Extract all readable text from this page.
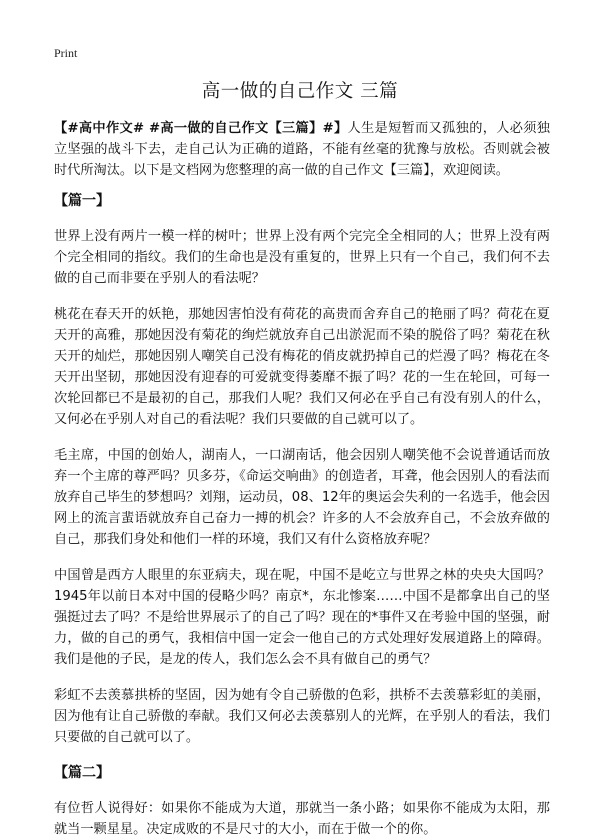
Print
高一做的自己作文 三篇

【#高中作文# #高一做的自己作文【三篇】#】人生是短暂而又孤独的，人必须独立坚强的战斗下去，走自己认为正确的道路，不能有丝毫的犹豫与放松。否则就会被时代所淘汰。以下是文档网为您整理的高一做的自己作文【三篇】，欢迎阅读。

【篇一】

世界上没有两片一模一样的树叶；世界上没有两个完完全全相同的人；世界上没有两个完全相同的指纹。我们的生命也是没有重复的，世界上只有一个自己，我们何不去做的自己而非要在乎别人的看法呢？

桃花在春天开的妖艳，那她因害怕没有荷花的高贵而舍弃自己的艳丽了吗？荷花在夏天开的高雅，那她因没有菊花的绚烂就放弃自己出淤泥而不染的脱俗了吗？菊花在秋天开的灿烂，那她因别人嘲笑自己没有梅花的俏皮就扔掉自己的烂漫了吗？梅花在冬天开出坚韧，那她因没有迎春的可爱就变得萎靡不振了吗？花的一生在轮回，可每一次轮回都已不是最初的自己，那我们人呢？我们又何必在乎自己有没有别人的什么，又何必在乎别人对自己的看法呢？我们只要做的自己就可以了。

毛主席，中国的创始人，湖南人，一口湖南话，他会因别人嘲笑他不会说普通话而放弃一个主席的尊严吗？贝多芬，《命运交响曲》的创造者，耳聋，他会因别人的看法而放弃自己毕生的梦想吗？刘翔，运动员，08、12年的奥运会失利的一名选手，他会因网上的流言蜚语就放弃自己奋力一搏的机会？许多的人不会放弃自己，不会放弃做的自己，那我们身处和他们一样的环境，我们又有什么资格放弃呢？

中国曾是西方人眼里的东亚病夫，现在呢，中国不是屹立与世界之林的央央大国吗？1945年以前日本对中国的侵略少吗？南京*，东北惨案……中国不是都拿出自己的坚强挺过去了吗？不是给世界展示了的自己了吗？现在的*事件又在考验中国的坚强，耐力，做的自己的勇气，我相信中国一定会一他自己的方式处理好发展道路上的障碍。我们是他的子民，是龙的传人，我们怎么会不具有做自己的勇气？

彩虹不去羡慕拱桥的坚固，因为她有令自己骄傲的色彩，拱桥不去羡慕彩虹的美丽，因为他有让自己骄傲的奉献。我们又何必去羡慕别人的光辉，在乎别人的看法，我们只要做的自己就可以了。

【篇二】

有位哲人说得好：如果你不能成为大道，那就当一条小路；如果你不能成为太阳，那就当一颗星星。决定成败的不是尺寸的大小，而在于做一个的你。
